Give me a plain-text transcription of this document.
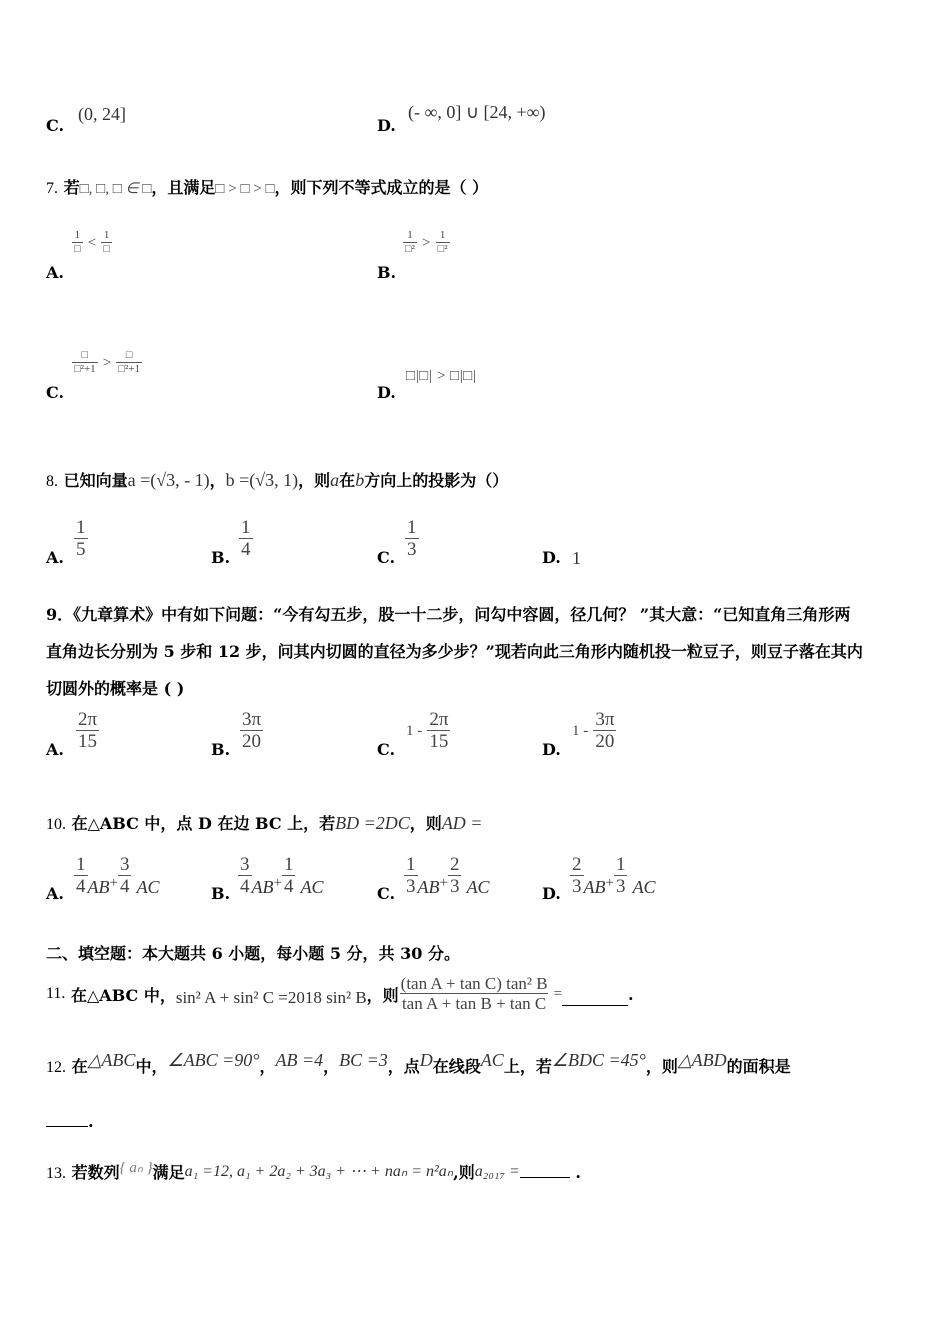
C.
(0, 24]
D.
(- ∞, 0] ∪ [24, +∞)
7. 若□, □, □ ∈ □，且满足□ > □ > □，则下列不等式成立的是（ ）
A.
$\frac{1}{□} < \frac{1}{□}$
B.
$\frac{1}{\text{□²}} > \frac{1}{\text{□²}}$
C.
$\frac{□}{\text{□²+1}} > \frac{□}{\text{□²+1}}$
D.
□|□| > □|□|
8. 已知向量a =(√3, - 1)，b =(√3, 1)，则a在b方向上的投影为（）
A. $\frac{1}{5}$	B. $\frac{1}{4}$	C. $\frac{1}{3}$	D. 1
9．《九章算术》中有如下问题：“今有勾五步，股一十二步，问勾中容圆，径几何？ ”其大意：“已知直角三角形两
直角边长分别为 5 步和 12 步，问其内切圆的直径为多少步？”现若向此三角形内随机投一粒豆子，则豆子落在其内
切圆外的概率是 ( )
A. $\frac{2\pi}{15}$	B. $\frac{3\pi}{20}$	C.
$1 - \frac{2\pi}{15}$	D.
$1 - \frac{3\pi}{20}$
10. 在△ABC 中，点 D 在边 BC 上，若BD =2DC，则AD =
A. $\frac{1}{4} AB+ \frac{3}{4}$ AC	B. $\frac{3}{4} AB+ \frac{1}{4}$ AC	C. $\frac{1}{3} AB+ \frac{2}{3}$ AC	D. $\frac{2}{3} AB+ \frac{1}{3}$ AC
二、填空题：本大题共 6 小题，每小题 5 分，共 30 分。
11.
在△ABC 中， sin² A + sin² C =2018 sin² B ，则 $\frac{\text{(tan A + tan C) tan² B}}{\text{tan A + tan B + tan C}}$ =	.
12. 在△ABC中，∠ABC =90°，AB =4，BC =3，点D在线段AC上，若∠BDC =45°，则△ABD的面积是
.
13. 若数列{ aₙ }满足a₁ =12, a₁ + 2a₂ + 3a₃ + ⋯ + naₙ = n²aₙ,则a₂₀₁₇ =	.
